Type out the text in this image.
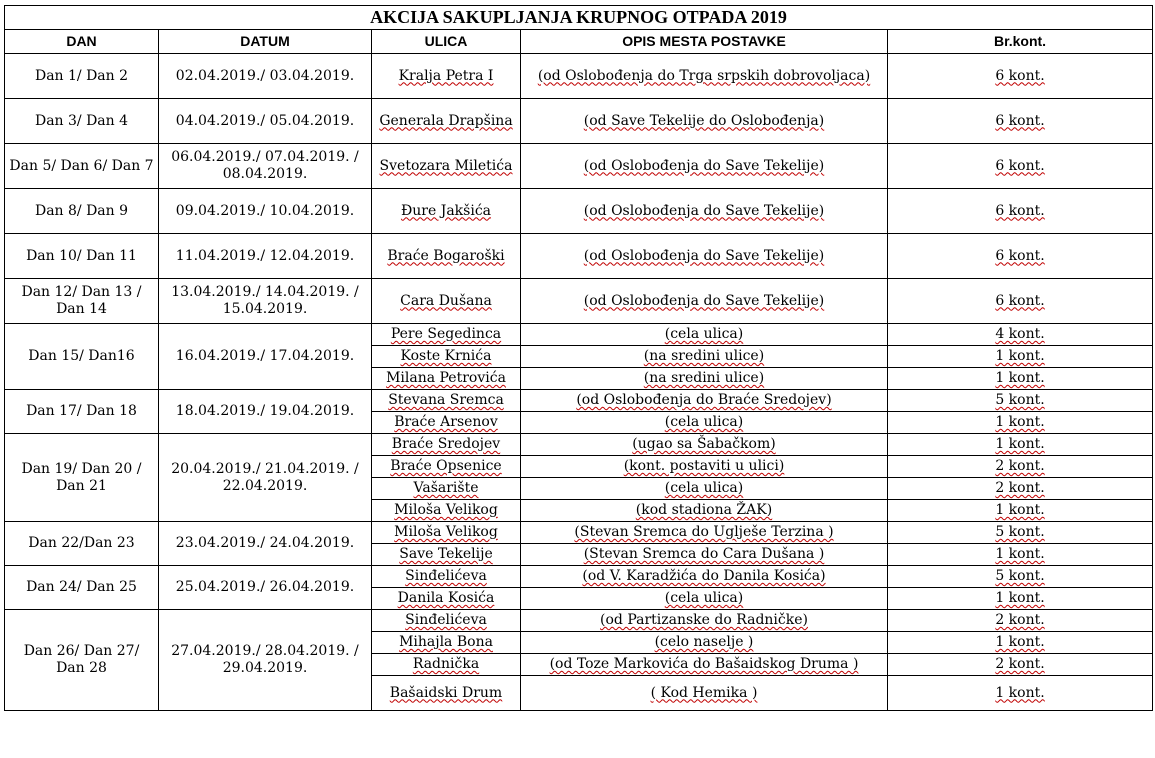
AKCIJA SAKUPLJANJA KRUPNOG OTPADA 2019				
DAN	DATUM	ULICA	OPIS MESTA POSTAVKE	Br.kont.
Dan 1/ Dan 2	02.04.2019./ 03.04.2019.	Kralja Petra I	(od Oslobođenja do Trga srpskih dobrovoljaca)	6 kont.
Dan 3/ Dan 4	04.04.2019./ 05.04.2019.	Generala Drapšina	(od Save Tekelije do Oslobođenja)	6 kont.
Dan 5/ Dan 6/ Dan 7	06.04.2019./ 07.04.2019. / 08.04.2019.	Svetozara Miletića	(od Oslobođenja do Save Tekelije)	6 kont.
Dan 8/ Dan 9	09.04.2019./ 10.04.2019.	Đure Jakšića	(od Oslobođenja do Save Tekelije)	6 kont.
Dan 10/ Dan 11	11.04.2019./ 12.04.2019.	Braće Bogaroški	(od Oslobođenja do Save Tekelije)	6 kont.
Dan 12/ Dan 13 / Dan 14	13.04.2019./ 14.04.2019. / 15.04.2019.	Cara Dušana	(od Oslobođenja do Save Tekelije)	6 kont.
Dan 15/ Dan16	16.04.2019./ 17.04.2019.	Pere Segedinca	(cela ulica)	4 kont.
		Koste Krnića	(na sredini ulice)	1 kont.
		Milana Petrovića	(na sredini ulice)	1 kont.
Dan 17/ Dan 18	18.04.2019./ 19.04.2019.	Stevana Sremca	(od Oslobođenja do Braće Sredojev)	5 kont.
		Braće Arsenov	(cela ulica)	1 kont.
Dan 19/ Dan 20 / Dan 21	20.04.2019./ 21.04.2019. / 22.04.2019.	Braće Sredojev	(ugao sa Šabačkom)	1 kont.
		Braće Opsenice	(kont. postaviti u ulici)	2 kont.
		Vašarište	(cela ulica)	2 kont.
		Miloša Velikog	(kod stadiona ŽAK)	1 kont.
Dan 22/Dan 23	23.04.2019./ 24.04.2019.	Miloša Velikog	(Stevan Sremca do Uglješe Terzina )	5 kont.
		Save Tekelije	(Stevan Sremca do Cara Dušana )	1 kont.
Dan 24/ Dan 25	25.04.2019./ 26.04.2019.	Sinđelićeva	(od V. Karadžića do Danila Kosića)	5 kont.
		Danila Kosića	(cela ulica)	1 kont.
Dan 26/ Dan 27/ Dan 28	27.04.2019./ 28.04.2019. / 29.04.2019.	Sinđelićeva	(od Partizanske do Radničke)	2 kont.
		Mihajla Bona	(celo naselje )	1 kont.
		Radnička	(od Toze Markovića do Bašaidskog Druma )	2 kont.
		Bašaidski Drum	( Kod Hemika )	1 kont.
